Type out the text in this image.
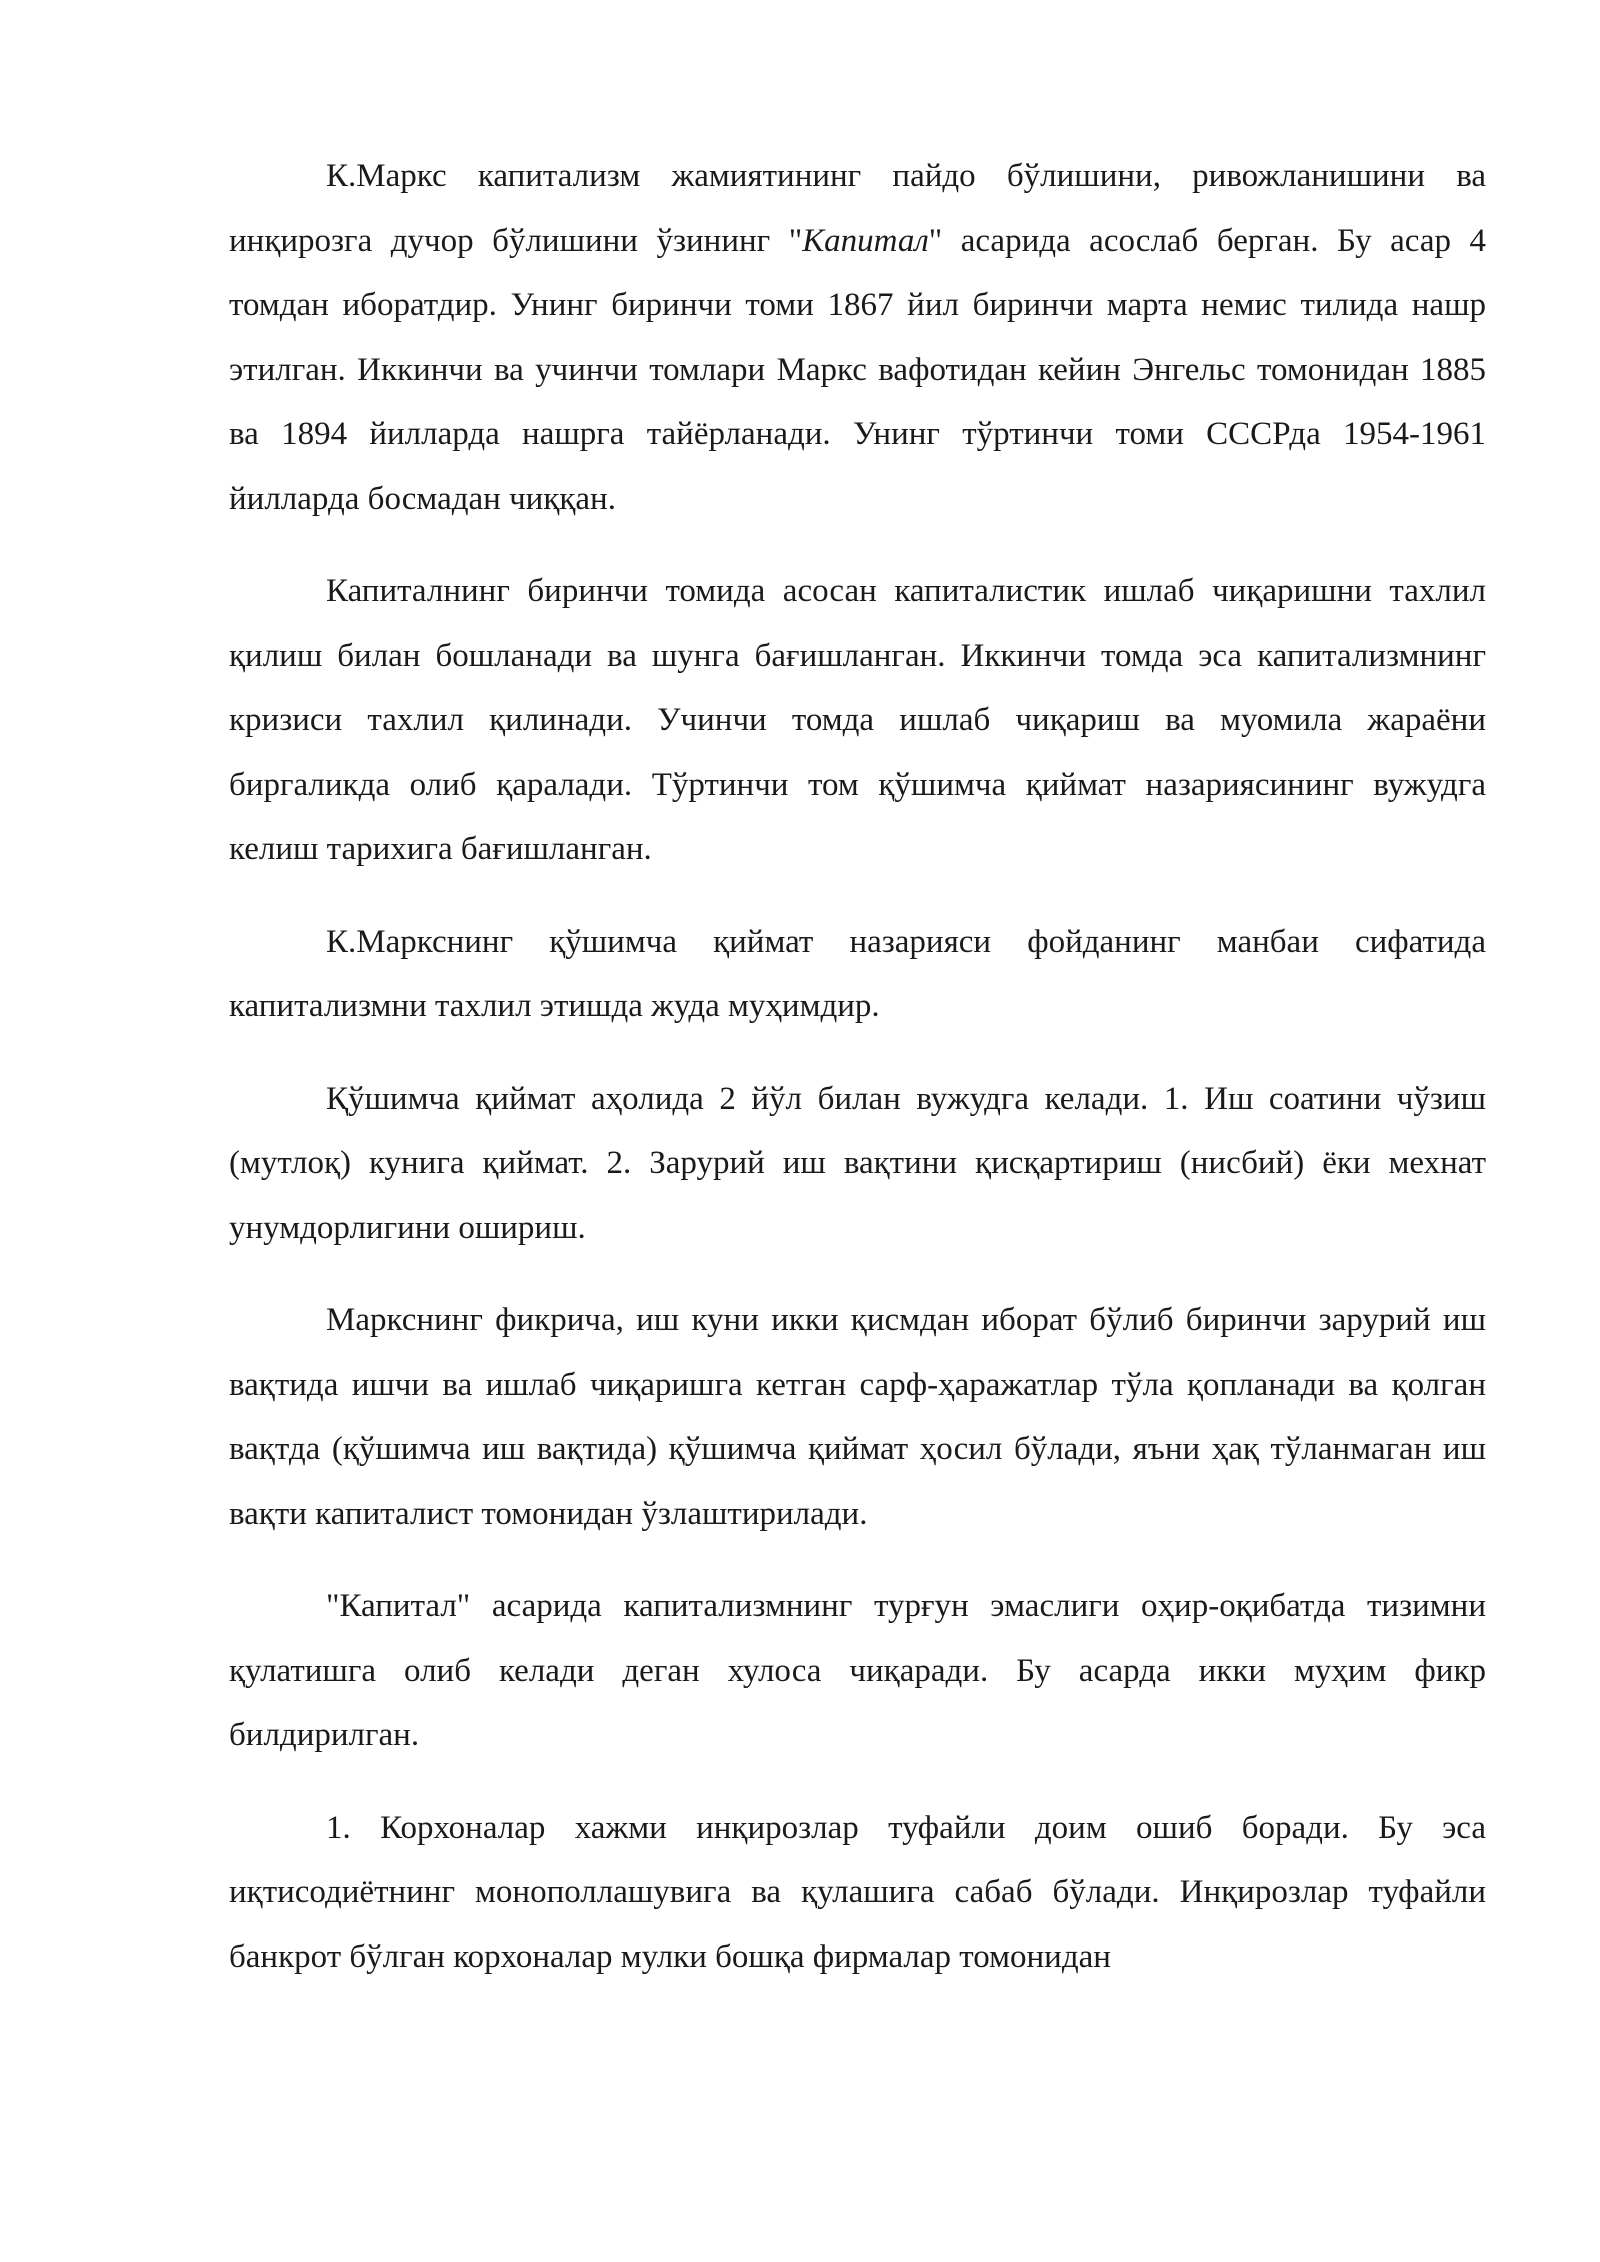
К.Маркс капитализм жамиятининг пайдо бўлишини, ривожланишини ва инқирозга дучор бўлишини ўзининг "Капитал" асарида асослаб берган. Бу асар 4 томдан иборатдир. Унинг биринчи томи 1867 йил биринчи марта немис тилида нашр этилган. Иккинчи ва учинчи томлари Маркс вафотидан кейин Энгельс томонидан 1885 ва 1894 йилларда нашрга тайёрланади. Унинг тўртинчи томи СССРда 1954-1961 йилларда босмадан чиққан.

Капиталнинг биринчи томида асосан капиталистик ишлаб чиқаришни тахлил қилиш билан бошланади ва шунга бағишланган. Иккинчи томда эса капитализмнинг кризиси тахлил қилинади. Учинчи томда ишлаб чиқариш ва муомила жараёни биргаликда олиб қаралади. Тўртинчи том қўшимча қиймат назариясининг вужудга келиш тарихига бағишланган.

К.Маркснинг қўшимча қиймат назарияси фойданинг манбаи сифатида капитализмни тахлил этишда жуда муҳимдир.

Қўшимча қиймат аҳолида 2 йўл билан вужудга келади. 1. Иш соатини чўзиш (мутлоқ) кунига қиймат. 2. Зарурий иш вақтини қисқартириш (нисбий) ёки мехнат унумдорлигини ошириш.

Маркснинг фикрича, иш куни икки қисмдан иборат бўлиб биринчи зарурий иш вақтида ишчи ва ишлаб чиқаришга кетган сарф-ҳаражатлар тўла қопланади ва қолган вақтда (қўшимча иш вақтида) қўшимча қиймат ҳосил бўлади, яъни ҳақ тўланмаган иш вақти капиталист томонидан ўзлаштирилади.

"Капитал" асарида капитализмнинг турғун эмаслиги оҳир-оқибатда тизимни қулатишга олиб келади деган хулоса чиқаради. Бу асарда икки муҳим фикр билдирилган.

1. Корхоналар хажми инқирозлар туфайли доим ошиб боради. Бу эса иқтисодиётнинг монополлашувига ва қулашига сабаб бўлади. Инқирозлар туфайли банкрот бўлган корхоналар мулки бошқа фирмалар томонидан
